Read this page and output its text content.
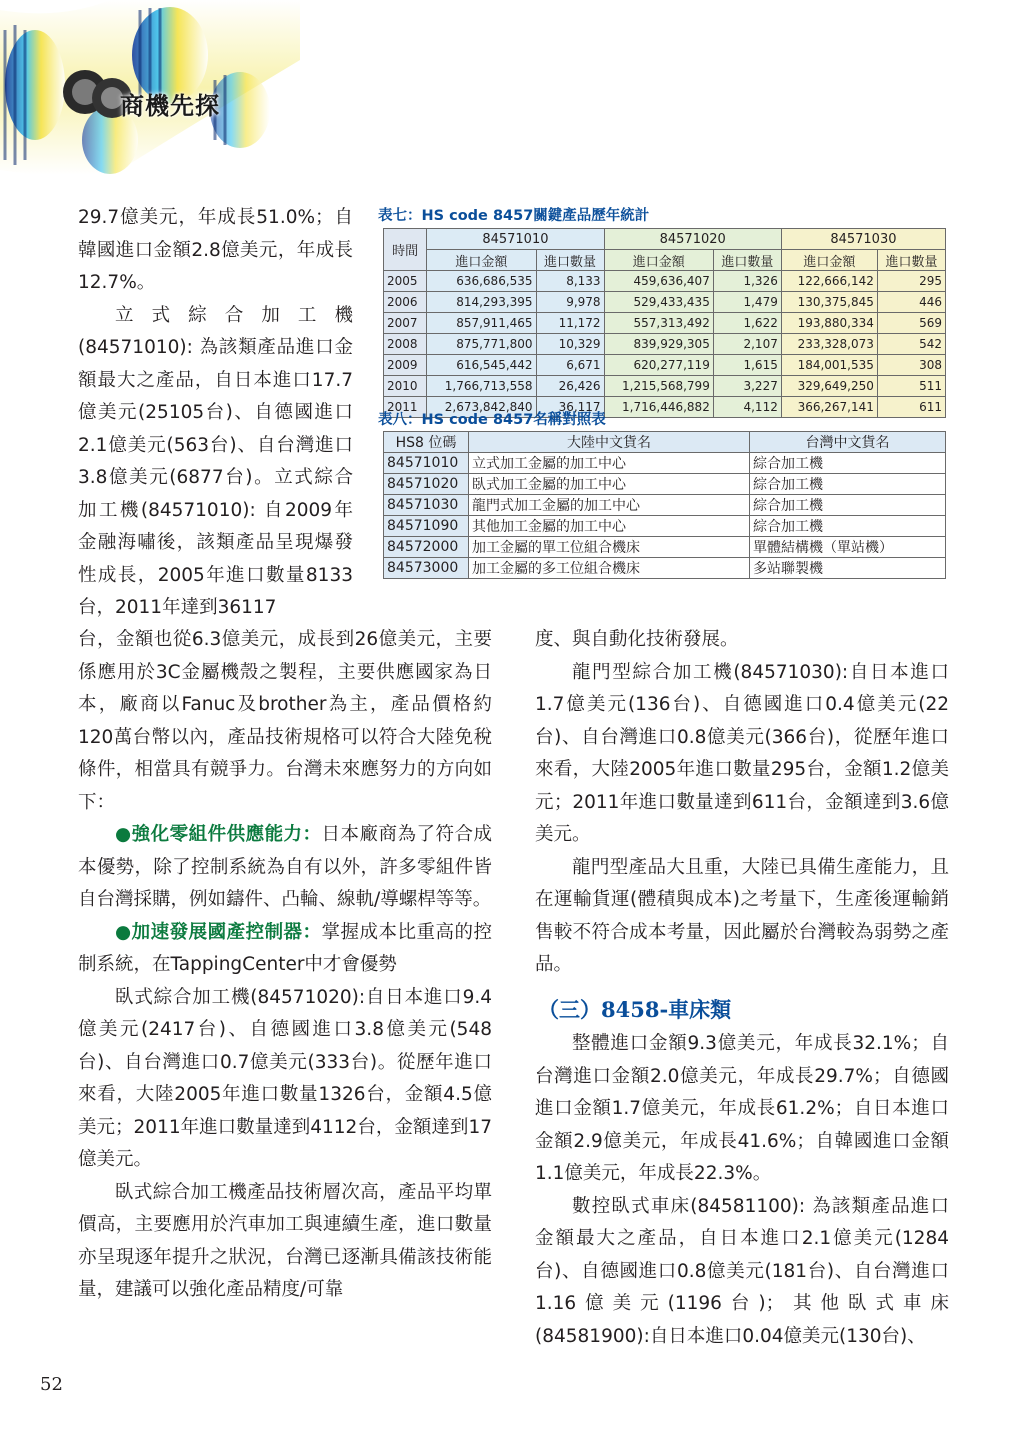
商機先探

29.7億美元，年成長51.0%；自韓國進口金額2.8億美元，年成長12.7%。

立式綜合加工機(84571010): 為該類產品進口金額最大之產品，自日本進口17.7億美元(25105台)、自德國進口2.1億美元(563台)、自台灣進口3.8億美元(6877台)。立式綜合加工機(84571010): 自2009年金融海嘯後，該類產品呈現爆發性成長，2005年進口數量8133台，2011年達到36117

表七：HS code 8457關鍵產品歷年統計
時間	84571010		84571020		84571030	
	進口金額	進口數量	進口金額	進口數量	進口金額	進口數量
2005	636,686,535	8,133	459,636,407	1,326	122,666,142	295
2006	814,293,395	9,978	529,433,435	1,479	130,375,845	446
2007	857,911,465	11,172	557,313,492	1,622	193,880,334	569
2008	875,771,800	10,329	839,929,305	2,107	233,328,073	542
2009	616,545,442	6,671	620,277,119	1,615	184,001,535	308
2010	1,766,713,558	26,426	1,215,568,799	3,227	329,649,250	511
2011	2,673,842,840	36,117	1,716,446,882	4,112	366,267,141	611
表八：HS code 8457名稱對照表
HS8 位碼	大陸中文貨名	台灣中文貨名
84571010	立式加工金屬的加工中心	綜合加工機
84571020	臥式加工金屬的加工中心	綜合加工機
84571030	龍門式加工金屬的加工中心	綜合加工機
84571090	其他加工金屬的加工中心	綜合加工機
84572000	加工金屬的單工位組合機床	單體結構機（單站機）
84573000	加工金屬的多工位組合機床	多站聯製機

台，金額也從6.3億美元，成長到26億美元，主要係應用於3C金屬機殼之製程，主要供應國家為日本，廠商以Fanuc及brother為主，產品價格約120萬台幣以內，產品技術規格可以符合大陸免稅條件，相當具有競爭力。台灣未來應努力的方向如下：

●強化零組件供應能力：日本廠商為了符合成本優勢，除了控制系統為自有以外，許多零組件皆自台灣採購，例如鑄件、凸輪、線軌/導螺桿等等。

●加速發展國產控制器：掌握成本比重高的控制系統，在TappingCenter中才會優勢

臥式綜合加工機(84571020):自日本進口9.4億美元(2417台)、自德國進口3.8億美元(548台)、自台灣進口0.7億美元(333台)。從歷年進口來看，大陸2005年進口數量1326台，金額4.5億美元；2011年進口數量達到4112台，金額達到17億美元。

臥式綜合加工機產品技術層次高，產品平均單價高，主要應用於汽車加工與連續生產，進口數量亦呈現逐年提升之狀況，台灣已逐漸具備該技術能量，建議可以強化產品精度/可靠

度、與自動化技術發展。

龍門型綜合加工機(84571030):自日本進口1.7億美元(136台)、自德國進口0.4億美元(22台)、自台灣進口0.8億美元(366台)，從歷年進口來看，大陸2005年進口數量295台，金額1.2億美元；2011年進口數量達到611台，金額達到3.6億美元。

龍門型產品大且重，大陸已具備生產能力，且在運輸貨運(體積與成本)之考量下，生產後運輸銷售較不符合成本考量，因此屬於台灣較為弱勢之產品。

（三）8458-車床類

整體進口金額9.3億美元，年成長32.1%；自台灣進口金額2.0億美元，年成長29.7%；自德國進口金額1.7億美元，年成長61.2%；自日本進口金額2.9億美元，年成長41.6%；自韓國進口金額1.1億美元，年成長22.3%。

數控臥式車床(84581100): 為該類產品進口金額最大之產品，自日本進口2.1億美元(1284台)、自德國進口0.8億美元(181台)、自台灣進口1.16億美元(1196台)；其他臥式車床(84581900):自日本進口0.04億美元(130台)、

52
